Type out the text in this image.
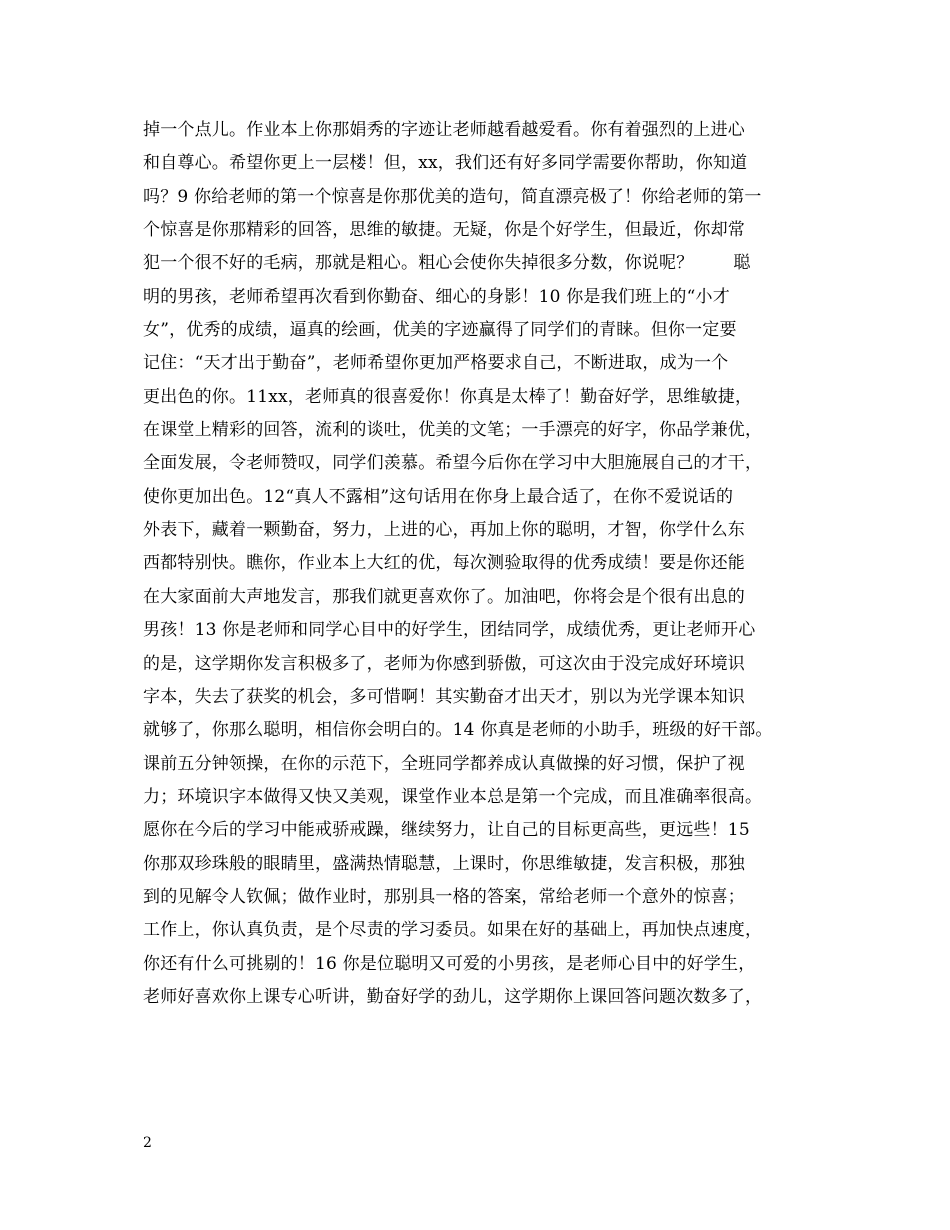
掉一个点儿。作业本上你那娟秀的字迹让老师越看越爱看。你有着强烈的上进心
和自尊心。希望你更上一层楼！但，xx，我们还有好多同学需要你帮助，你知道
吗？9 你给老师的第一个惊喜是你那优美的造句，简直漂亮极了！你给老师的第一
个惊喜是你那精彩的回答，思维的敏捷。无疑，你是个好学生，但最近，你却常
犯一个很不好的毛病，那就是粗心。粗心会使你失掉很多分数，你说呢？　　 聪
明的男孩，老师希望再次看到你勤奋、细心的身影！10 你是我们班上的“小才
女”，优秀的成绩，逼真的绘画，优美的字迹赢得了同学们的青睐。但你一定要
记住：“天才出于勤奋”，老师希望你更加严格要求自己，不断进取，成为一个
更出色的你。11xx，老师真的很喜爱你！你真是太棒了！勤奋好学，思维敏捷，
在课堂上精彩的回答，流利的谈吐，优美的文笔；一手漂亮的好字，你品学兼优，
全面发展，令老师赞叹，同学们羡慕。希望今后你在学习中大胆施展自己的才干，
使你更加出色。12“真人不露相”这句话用在你身上最合适了，在你不爱说话的
外表下，藏着一颗勤奋，努力，上进的心，再加上你的聪明，才智，你学什么东
西都特别快。瞧你，作业本上大红的优，每次测验取得的优秀成绩！要是你还能
在大家面前大声地发言，那我们就更喜欢你了。加油吧，你将会是个很有出息的
男孩！13 你是老师和同学心目中的好学生，团结同学，成绩优秀，更让老师开心
的是，这学期你发言积极多了，老师为你感到骄傲，可这次由于没完成好环境识
字本，失去了获奖的机会，多可惜啊！其实勤奋才出天才，别以为光学课本知识
就够了，你那么聪明，相信你会明白的。14 你真是老师的小助手，班级的好干部。
课前五分钟领操，在你的示范下，全班同学都养成认真做操的好习惯，保护了视
力；环境识字本做得又快又美观，课堂作业本总是第一个完成，而且准确率很高。
愿你在今后的学习中能戒骄戒躁，继续努力，让自己的目标更高些，更远些！15
你那双珍珠般的眼睛里，盛满热情聪慧，上课时，你思维敏捷，发言积极，那独
到的见解令人钦佩；做作业时，那别具一格的答案，常给老师一个意外的惊喜；
工作上，你认真负责，是个尽责的学习委员。如果在好的基础上，再加快点速度，
你还有什么可挑剔的！16 你是位聪明又可爱的小男孩，是老师心目中的好学生，
老师好喜欢你上课专心听讲，勤奋好学的劲儿，这学期你上课回答问题次数多了，
2
